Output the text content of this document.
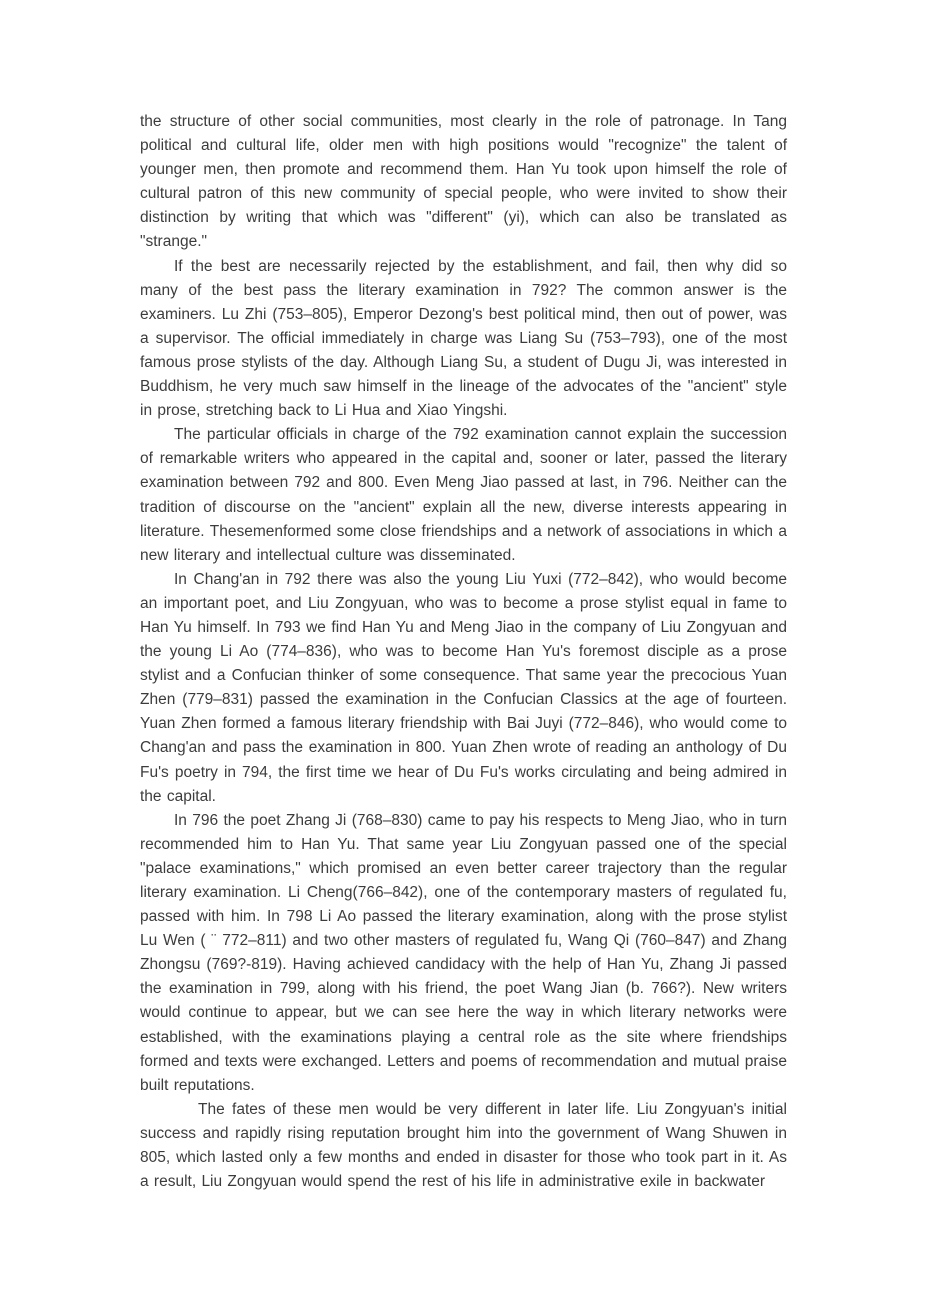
the structure of other social communities, most clearly in the role of patronage. In Tang political and cultural life, older men with high positions would "recognize" the talent of younger men, then promote and recommend them. Han Yu took upon himself the role of cultural patron of this new community of special people, who were invited to show their distinction by writing that which was "different" (yi), which can also be translated as "strange."

If the best are necessarily rejected by the establishment, and fail, then why did so many of the best pass the literary examination in 792? The common answer is the examiners. Lu Zhi (753–805), Emperor Dezong's best political mind, then out of power, was a supervisor. The official immediately in charge was Liang Su (753–793), one of the most famous prose stylists of the day. Although Liang Su, a student of Dugu Ji, was interested in Buddhism, he very much saw himself in the lineage of the advocates of the "ancient" style in prose, stretching back to Li Hua and Xiao Yingshi.

The particular officials in charge of the 792 examination cannot explain the succession of remarkable writers who appeared in the capital and, sooner or later, passed the literary examination between 792 and 800. Even Meng Jiao passed at last, in 796. Neither can the tradition of discourse on the "ancient" explain all the new, diverse interests appearing in literature. Thesemenformed some close friendships and a network of associations in which a new literary and intellectual culture was disseminated.

In Chang'an in 792 there was also the young Liu Yuxi (772–842), who would become an important poet, and Liu Zongyuan, who was to become a prose stylist equal in fame to Han Yu himself. In 793 we find Han Yu and Meng Jiao in the company of Liu Zongyuan and the young Li Ao (774–836), who was to become Han Yu's foremost disciple as a prose stylist and a Confucian thinker of some consequence. That same year the precocious Yuan Zhen (779–831) passed the examination in the Confucian Classics at the age of fourteen. Yuan Zhen formed a famous literary friendship with Bai Juyi (772–846), who would come to Chang'an and pass the examination in 800. Yuan Zhen wrote of reading an anthology of Du Fu's poetry in 794, the first time we hear of Du Fu's works circulating and being admired in the capital.

In 796 the poet Zhang Ji (768–830) came to pay his respects to Meng Jiao, who in turn recommended him to Han Yu. That same year Liu Zongyuan passed one of the special "palace examinations," which promised an even better career trajectory than the regular literary examination. Li Cheng(766–842), one of the contemporary masters of regulated fu, passed with him. In 798 Li Ao passed the literary examination, along with the prose stylist Lu Wen ( ¨ 772–811) and two other masters of regulated fu, Wang Qi (760–847) and Zhang Zhongsu (769?-819). Having achieved candidacy with the help of Han Yu, Zhang Ji passed the examination in 799, along with his friend, the poet Wang Jian (b. 766?). New writers would continue to appear, but we can see here the way in which literary networks were established, with the examinations playing a central role as the site where friendships formed and texts were exchanged. Letters and poems of recommendation and mutual praise built reputations.

The fates of these men would be very different in later life. Liu Zongyuan's initial success and rapidly rising reputation brought him into the government of Wang Shuwen in 805, which lasted only a few months and ended in disaster for those who took part in it. As a result, Liu Zongyuan would spend the rest of his life in administrative exile in backwater
